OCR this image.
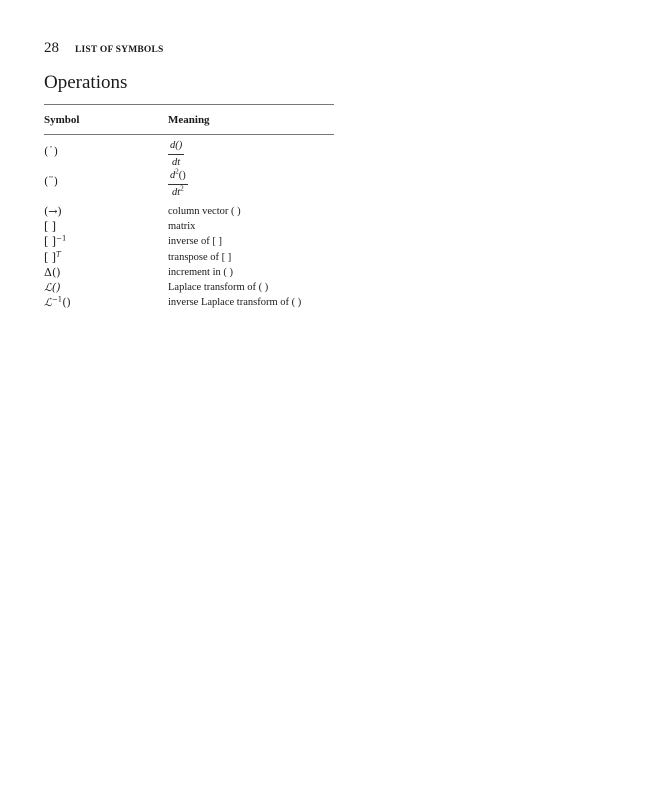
28 LIST OF SYMBOLS
Operations
Symbol	Meaning
(˙)	$\frac{d()}{dt}$
(¨)	$\frac{d^2()}{dt^2}$
(→)	column vector ( )
[ ]	matrix
[ ]$^{-1}$	inverse of [ ]
[ ]$^T$	transpose of [ ]
Δ()	increment in ( )
ℒ()	Laplace transform of ( )
ℒ$^{-1}$()	inverse Laplace transform of ( )
